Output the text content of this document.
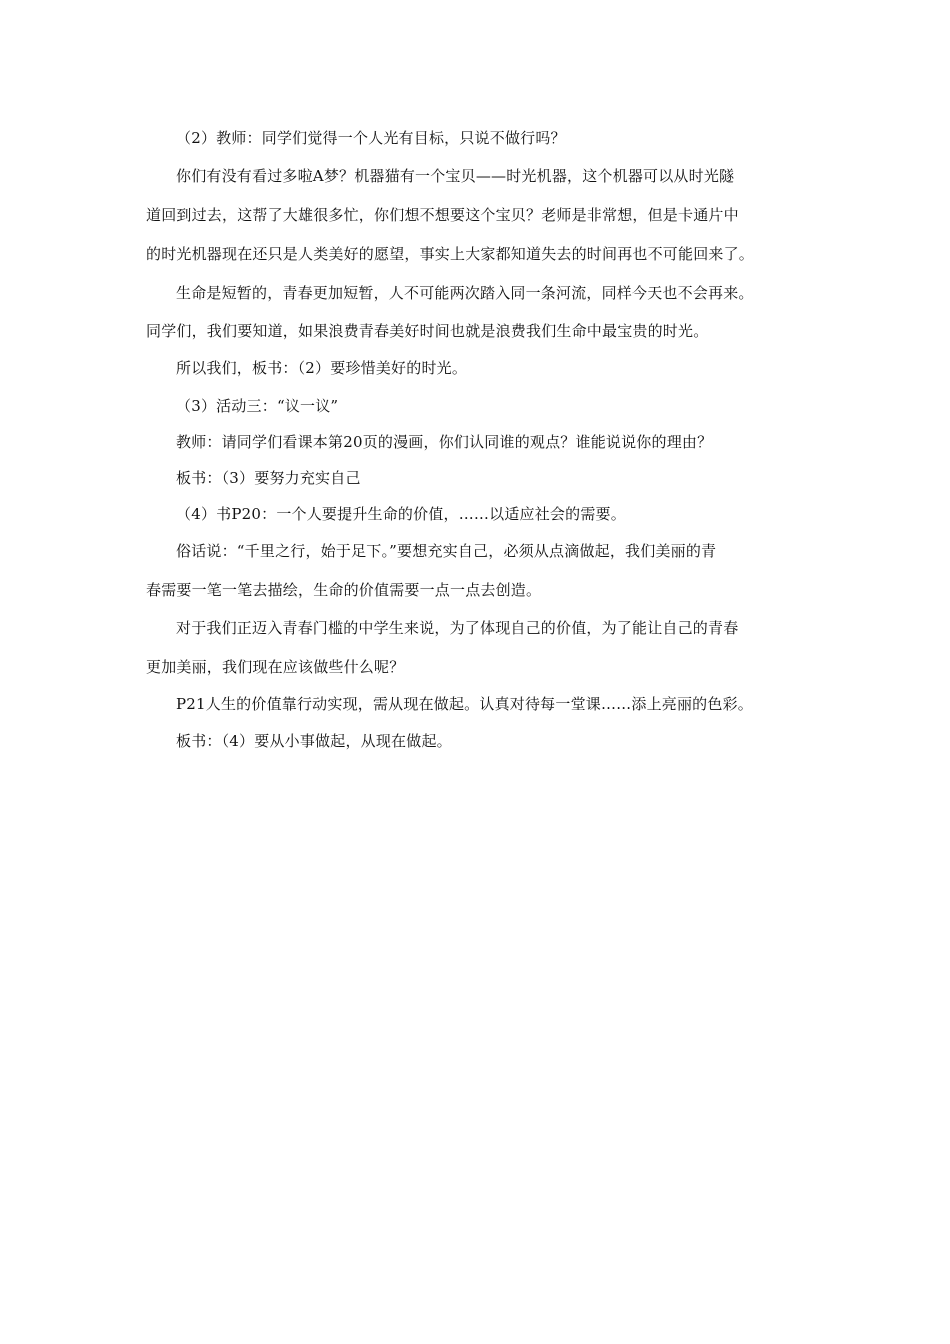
（2）教师：同学们觉得一个人光有目标，只说不做行吗？
你们有没有看过多啦A梦？机器猫有一个宝贝——时光机器，这个机器可以从时光隧
道回到过去，这帮了大雄很多忙，你们想不想要这个宝贝？老师是非常想，但是卡通片中
的时光机器现在还只是人类美好的愿望，事实上大家都知道失去的时间再也不可能回来了。
生命是短暂的，青春更加短暂，人不可能两次踏入同一条河流，同样今天也不会再来。
同学们，我们要知道，如果浪费青春美好时间也就是浪费我们生命中最宝贵的时光。
所以我们，板书：（2）要珍惜美好的时光。
（3）活动三：“议一议”
教师：请同学们看课本第20页的漫画，你们认同谁的观点？谁能说说你的理由？
板书：（3）要努力充实自己
（4）书P20：一个人要提升生命的价值，……以适应社会的需要。
俗话说：“千里之行，始于足下。”要想充实自己，必须从点滴做起，我们美丽的青
春需要一笔一笔去描绘，生命的价值需要一点一点去创造。
对于我们正迈入青春门槛的中学生来说，为了体现自己的价值，为了能让自己的青春
更加美丽，我们现在应该做些什么呢？
P21人生的价值靠行动实现，需从现在做起。认真对待每一堂课……添上亮丽的色彩。
板书：（4）要从小事做起，从现在做起。
